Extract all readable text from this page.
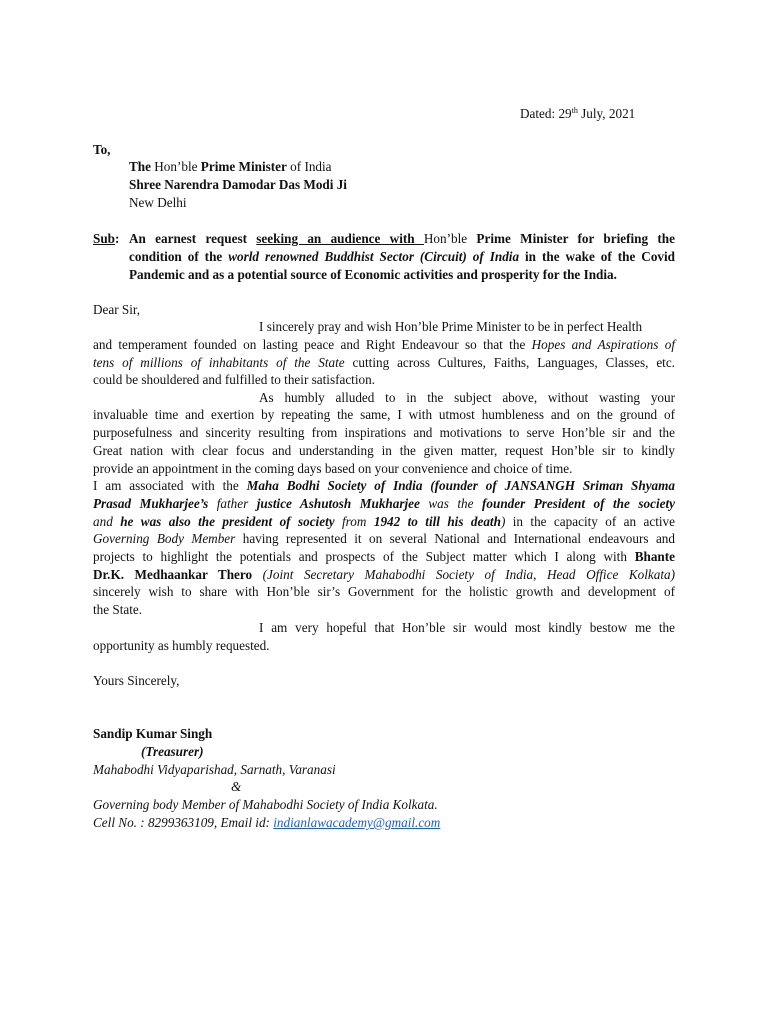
Dated: 29th July, 2021
To,
The Hon’ble Prime Minister of India
Shree Narendra Damodar Das Modi Ji
New Delhi
Sub: An earnest request seeking an audience with Hon’ble Prime Minister for briefing the
condition of the world renowned Buddhist Sector (Circuit) of India in the wake of the Covid
Pandemic and as a potential source of Economic activities and prosperity for the India.
Dear Sir,
I sincerely pray and wish Hon’ble Prime Minister to be in perfect Health
and temperament founded on lasting peace and Right Endeavour so that the Hopes and Aspirations of
tens of millions of inhabitants of the State cutting across Cultures, Faiths, Languages, Classes, etc.
could be shouldered and fulfilled to their satisfaction.
As humbly alluded to in the subject above, without wasting your
invaluable time and exertion by repeating the same, I with utmost humbleness and on the ground of
purposefulness and sincerity resulting from inspirations and motivations to serve Hon’ble sir and the
Great nation with clear focus and understanding in the given matter, request Hon’ble sir to kindly
provide an appointment in the coming days based on your convenience and choice of time.
I am associated with the Maha Bodhi Society of India (founder of JANSANGH Sriman Shyama
Prasad Mukharjee’s father justice Ashutosh Mukharjee was the founder President of the society
and he was also the president of society from 1942 to till his death) in the capacity of an active
Governing Body Member having represented it on several National and International endeavours and
projects to highlight the potentials and prospects of the Subject matter which I along with Bhante
Dr.K. Medhaankar Thero (Joint Secretary Mahabodhi Society of India, Head Office Kolkata)
sincerely wish to share with Hon’ble sir’s Government for the holistic growth and development of
the State.
I am very hopeful that Hon’ble sir would most kindly bestow me the
opportunity as humbly requested.
Yours Sincerely,
Sandip Kumar Singh
(Treasurer)
Mahabodhi Vidyaparishad, Sarnath, Varanasi
&
Governing body Member of Mahabodhi Society of India Kolkata.
Cell No. : 8299363109, Email id: indianlawacademy@gmail.com
